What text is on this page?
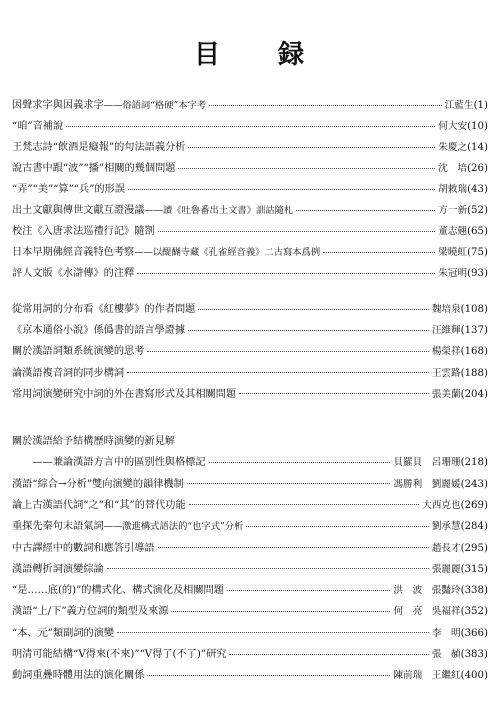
目　　録
因聲求字與因義求字 ——俗語詞“格硬”本字考	江藍生 (1)
“咱”音補說	何大安 (10)
王梵志詩“飲酒是癡報”的句法語義分析	朱慶之 (14)
說古書中跟“波”“播”相關的幾個問題	沈　培 (26)
“弄”“美”“算”“兵”的形誤	胡敕瑞 (43)
出土文獻與傳世文獻互證漫議 ——讀《吐魯番出土文書》訓詁隨札	方一新 (52)
校注《入唐求法巡禮行記》隨劄	董志翹 (65)
日本早期佛經音義特色考察 ——以醍醐寺藏《孔雀經音義》二古寫本爲例	梁曉虹 (75)
評人文版《水滸傳》的注釋	朱冠明 (93)
從常用詞的分布看《紅樓夢》的作者問題	魏培泉 (108)
《京本通俗小說》係僞書的語言學證據	汪維輝 (137)
關於漢語詞類系統演變的思考	楊榮祥 (168)
論漢語複音詞的同步構詞	王雲路 (188)
常用詞演變研究中詞的外在書寫形式及其相關問題	張美蘭 (204)
關於漢語給予結構歷時演變的新見解
　　——兼論漢語方言中的區别性與格標記	貝羅貝　呂珊珊 (218)
漢語“綜合→分析”雙向演變的韻律機制	馮勝利　劉麗媛 (243)
論上古漢語代詞“之”和“其”的替代功能	大西克也 (269)
重探先秦句末語氣詞 ——激進構式語法的“也字式”分析	劉承慧 (284)
中古譯經中的數詞和應答引導語	趙長才 (295)
漢語轉折詞演變綜論	張麗麗 (315)
“是……底(的)”的構式化、構式演化及相關問題	洪　波　張豔玲 (338)
漢語“上/下”義方位詞的類型及來源	何　亮　吳福祥 (352)
“本、元”類副詞的演變	李　明 (366)
明清可能結構“V得來(不來)”“V得了(不了)”研究	張　赬 (383)
動詞重疊時體用法的演化關係	陳前瑞　王繼紅 (400)
